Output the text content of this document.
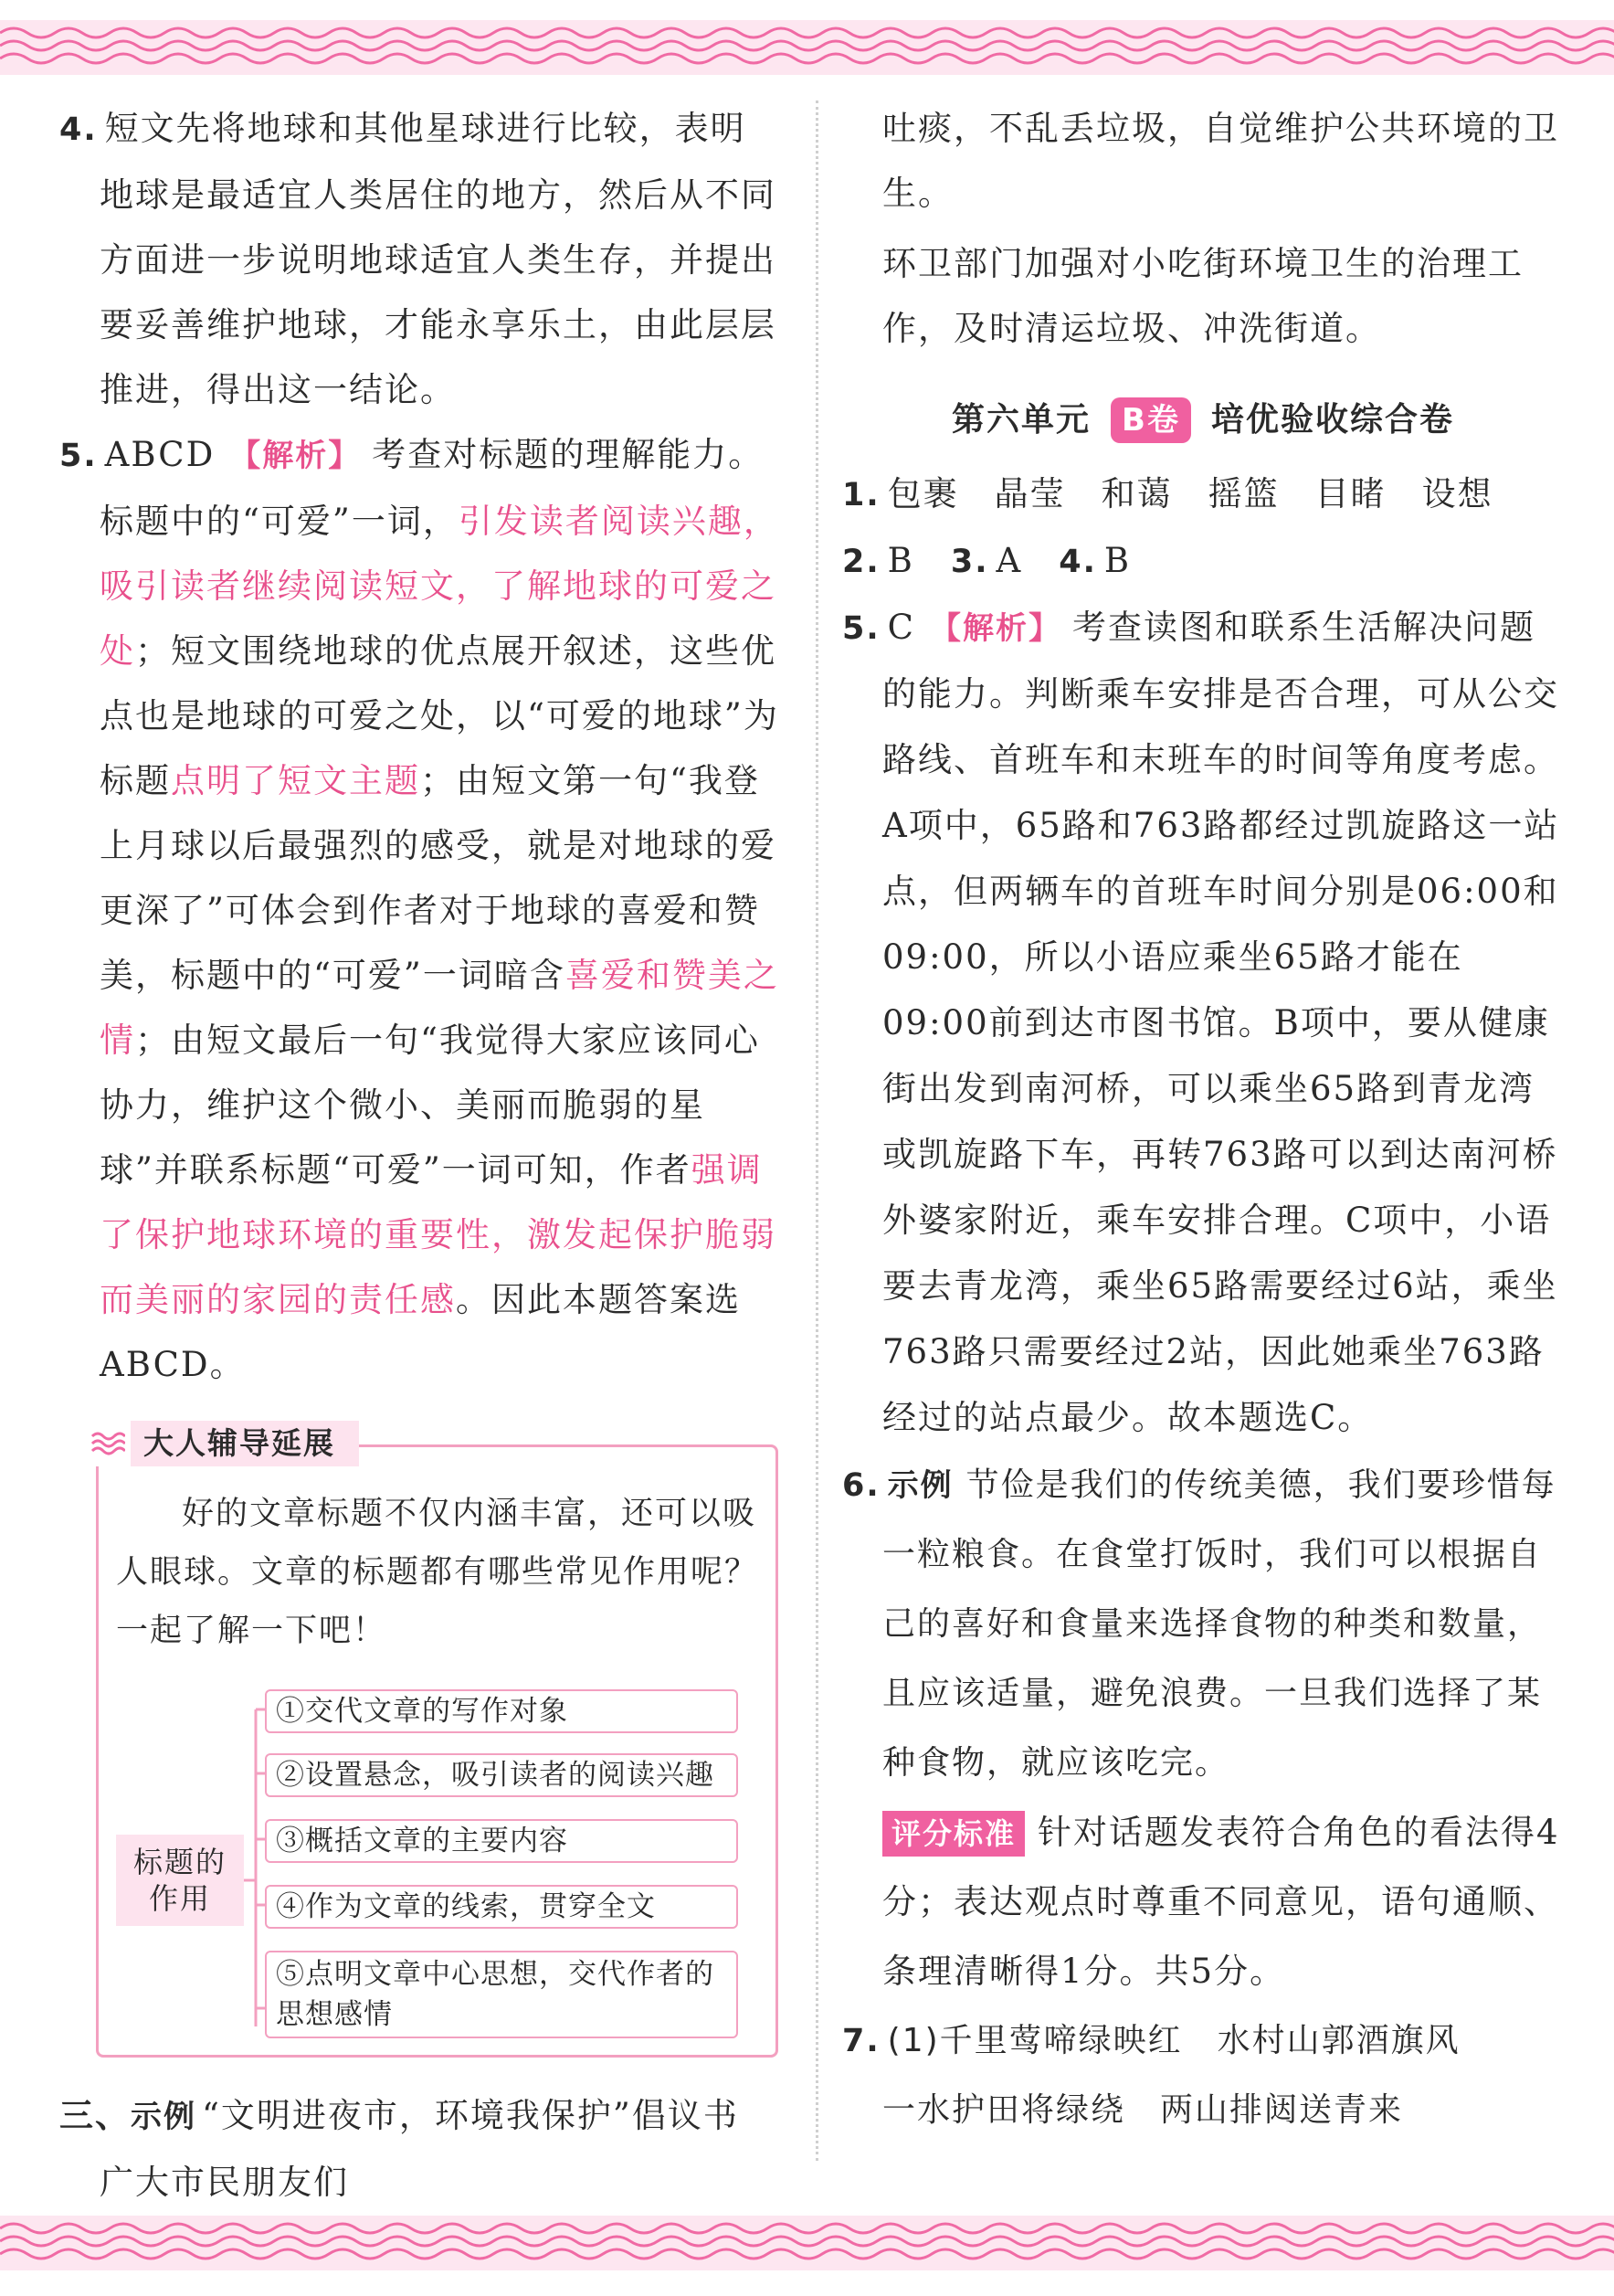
4. 短文先将地球和其他星球进行比较，表明地球是最适宜人类居住的地方，然后从不同方面进一步说明地球适宜人类生存，并提出要妥善维护地球，才能永享乐土，由此层层推进，得出这一结论。
5. ABCD 【解析】 考查对标题的理解能力。标题中的“可爱”一词，引发读者阅读兴趣，吸引读者继续阅读短文，了解地球的可爱之处；短文围绕地球的优点展开叙述，这些优点也是地球的可爱之处，以“可爱的地球”为标题点明了短文主题；由短文第一句“我登上月球以后最强烈的感受，就是对地球的爱更深了”可体会到作者对于地球的喜爱和赞美，标题中的“可爱”一词暗含喜爱和赞美之情；由短文最后一句“我觉得大家应该同心协力，维护这个微小、美丽而脆弱的星球”并联系标题“可爱”一词可知，作者强调了保护地球环境的重要性，激发起保护脆弱而美丽的家园的责任感。因此本题答案选ABCD。
大人辅导延展

好的文章标题不仅内涵丰富，还可以吸人眼球。文章的标题都有哪些常见作用呢？一起了解一下吧！

标题的
作用
①交代文章的写作对象
②设置悬念，吸引读者的阅读兴趣
③概括文章的主要内容
④作为文章的线索，贯穿全文
⑤点明文章中心思想，交代作者的思想感情
三、示例 “文明进夜市，环境我保护”倡议书
广大市民朋友们
吐痰，不乱丢垃圾，自觉维护公共环境的卫生。
环卫部门加强对小吃街环境卫生的治理工作，及时清运垃圾、冲洗街道。
第六单元 B卷 培优验收综合卷
1. 包裹　晶莹　和蔼　摇篮　目睹　设想
2. B 3. A 4. B
5. C 【解析】 考查读图和联系生活解决问题的能力。判断乘车安排是否合理，可从公交路线、首班车和末班车的时间等角度考虑。A项中，65路和763路都经过凯旋路这一站点，但两辆车的首班车时间分别是06:00和09:00，所以小语应乘坐65路才能在09:00前到达市图书馆。B项中，要从健康街出发到南河桥，可以乘坐65路到青龙湾或凯旋路下车，再转763路可以到达南河桥外婆家附近，乘车安排合理。C项中，小语要去青龙湾，乘坐65路需要经过6站，乘坐763路只需要经过2站，因此她乘坐763路经过的站点最少。故本题选C。
6. 示例 节俭是我们的传统美德，我们要珍惜每一粒粮食。在食堂打饭时，我们可以根据自己的喜好和食量来选择食物的种类和数量，且应该适量，避免浪费。一旦我们选择了某种食物，就应该吃完。
评分标准 针对话题发表符合角色的看法得4分；表达观点时尊重不同意见，语句通顺、条理清晰得1分。共5分。
7. (1)千里莺啼绿映红　水村山郭酒旗风
一水护田将绿绕　两山排闼送青来
